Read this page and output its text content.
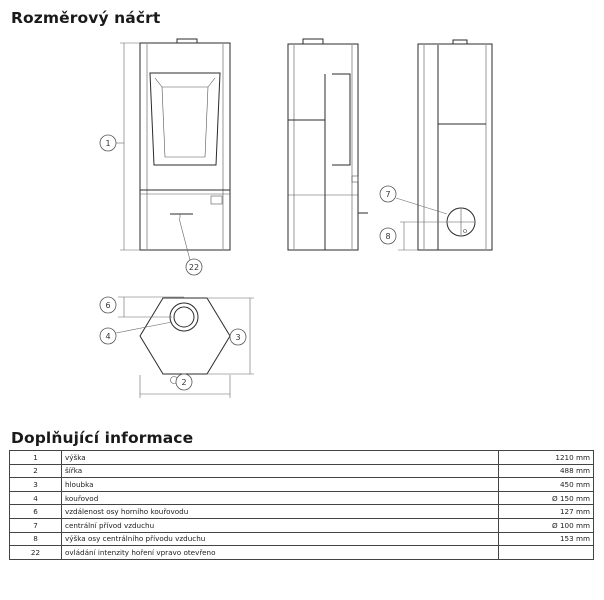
Rozměrový náčrt
1
22
7
8
6
4	3
2
Doplňující informace
1	výška	1210 mm
2	šířka	488 mm
3	hloubka	450 mm
4	kouřovod	Ø 150 mm
6	vzdálenost osy horního kouřovodu	127 mm
7	centrální přívod vzduchu	Ø 100 mm
8	výška osy centrálního přívodu vzduchu	153 mm
22	ovládání intenzity hoření vpravo otevřeno	
